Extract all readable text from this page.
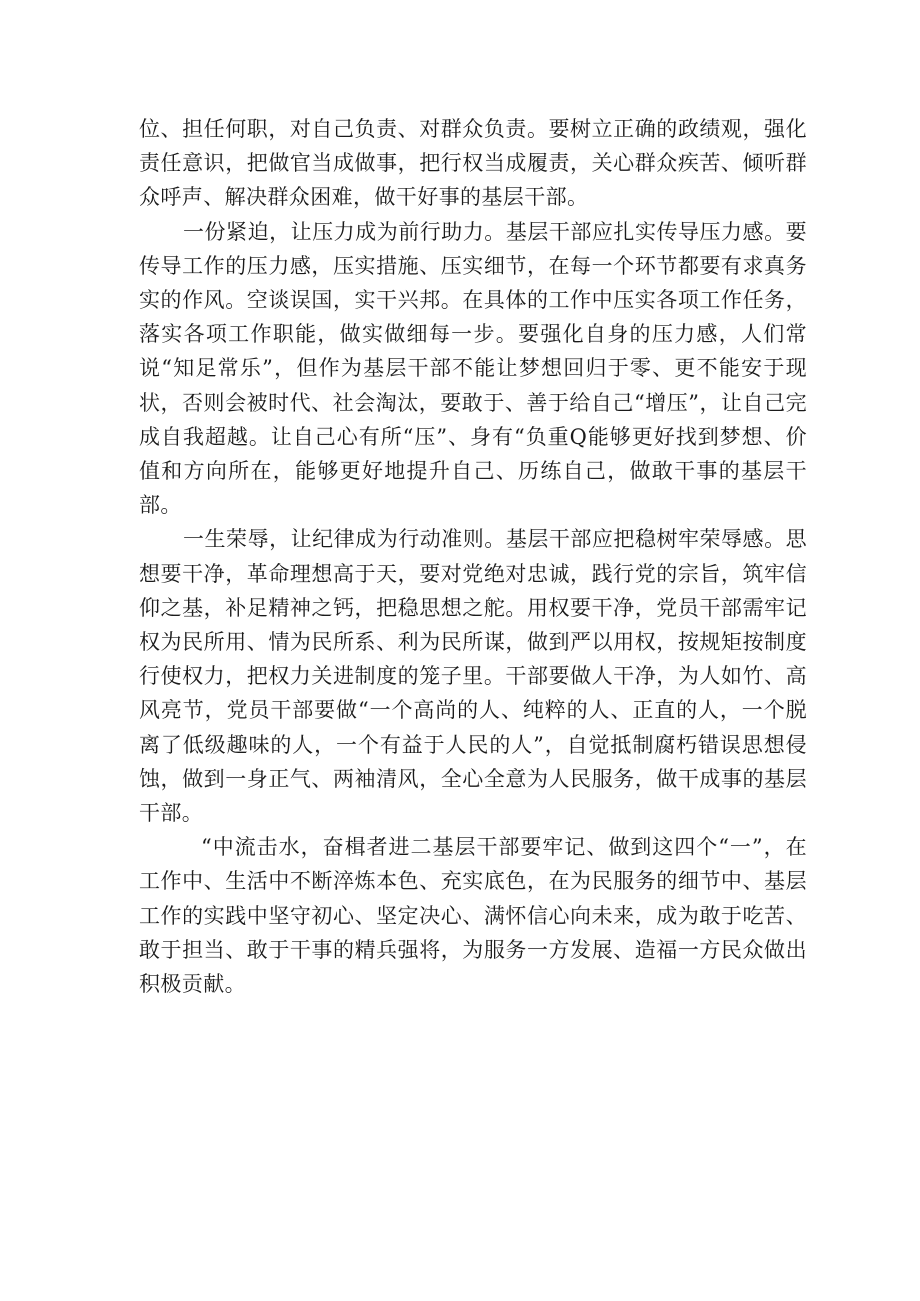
位、担任何职，对自己负责、对群众负责。要树立正确的政绩观，强化责任意识，把做官当成做事，把行权当成履责，关心群众疾苦、倾听群众呼声、解决群众困难，做干好事的基层干部。

一份紧迫，让压力成为前行助力。基层干部应扎实传导压力感。要传导工作的压力感，压实措施、压实细节，在每一个环节都要有求真务实的作风。空谈误国，实干兴邦。在具体的工作中压实各项工作任务，落实各项工作职能，做实做细每一步。要强化自身的压力感，人们常说“知足常乐”，但作为基层干部不能让梦想回归于零、更不能安于现状，否则会被时代、社会淘汰，要敢于、善于给自己“增压”，让自己完成自我超越。让自己心有所“压”、身有“负重Q能够更好找到梦想、价值和方向所在，能够更好地提升自己、历练自己，做敢干事的基层干部。

一生荣辱，让纪律成为行动准则。基层干部应把稳树牢荣辱感。思想要干净，革命理想高于天，要对党绝对忠诚，践行党的宗旨，筑牢信仰之基，补足精神之钙，把稳思想之舵。用权要干净，党员干部需牢记权为民所用、情为民所系、利为民所谋，做到严以用权，按规矩按制度行使权力，把权力关进制度的笼子里。干部要做人干净，为人如竹、高风亮节，党员干部要做“一个高尚的人、纯粹的人、正直的人，一个脱离了低级趣味的人，一个有益于人民的人”，自觉抵制腐朽错误思想侵蚀，做到一身正气、两袖清风，全心全意为人民服务，做干成事的基层干部。

“中流击水，奋楫者进二基层干部要牢记、做到这四个“一”，在工作中、生活中不断淬炼本色、充实底色，在为民服务的细节中、基层工作的实践中坚守初心、坚定决心、满怀信心向未来，成为敢于吃苦、敢于担当、敢于干事的精兵强将，为服务一方发展、造福一方民众做出积极贡献。
